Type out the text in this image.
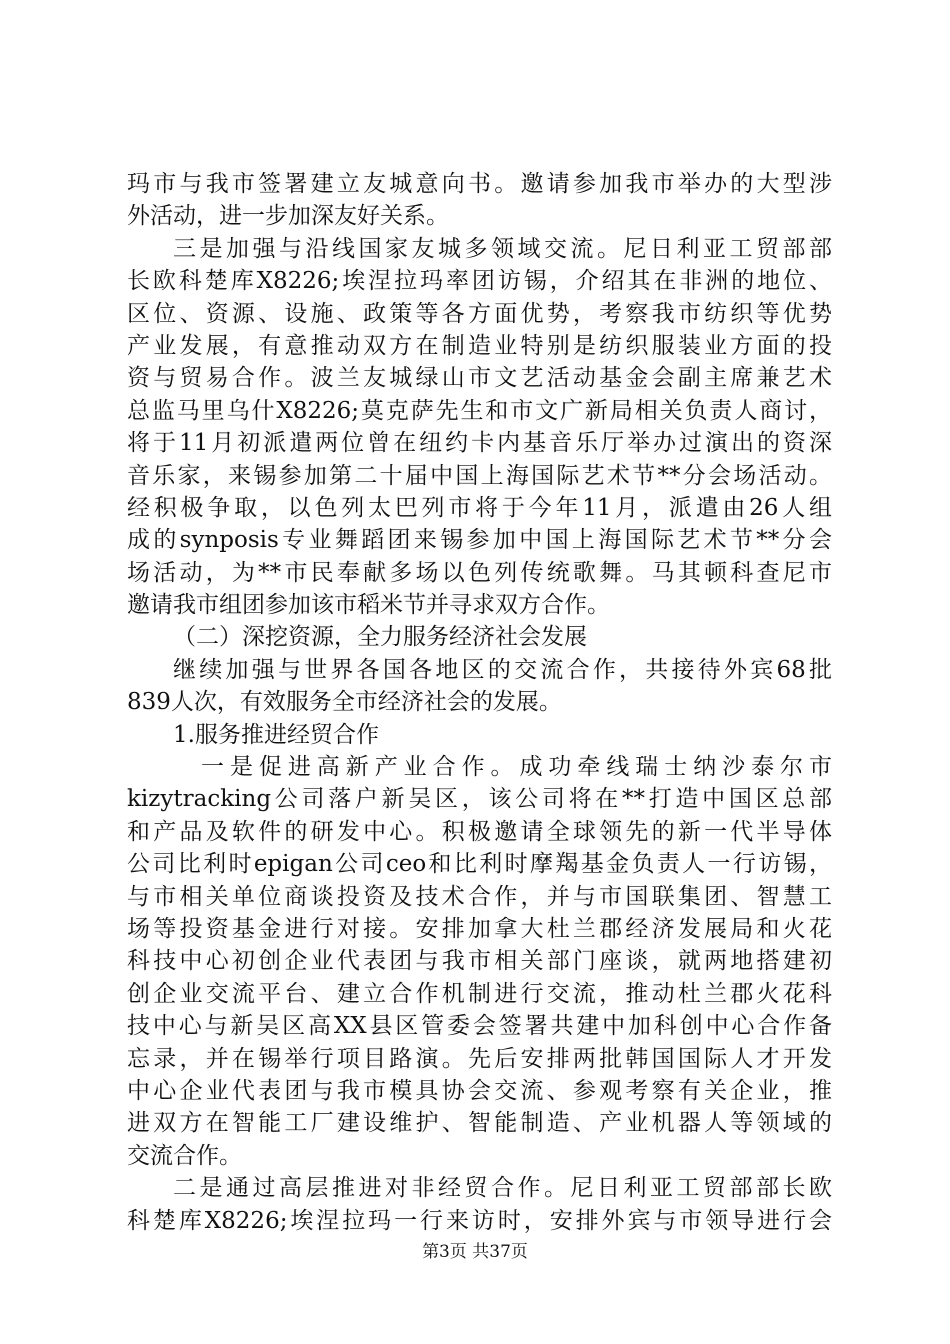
玛市与我市签署建立友城意向书。邀请参加我市举办的大型涉
外活动，进一步加深友好关系。
三是加强与沿线国家友城多领域交流。尼日利亚工贸部部
长欧科楚库X8226;埃涅拉玛率团访锡，介绍其在非洲的地位、
区位、资源、设施、政策等各方面优势，考察我市纺织等优势
产业发展，有意推动双方在制造业特别是纺织服装业方面的投
资与贸易合作。波兰友城绿山市文艺活动基金会副主席兼艺术
总监马里乌什X8226;莫克萨先生和市文广新局相关负责人商讨，
将于11月初派遣两位曾在纽约卡内基音乐厅举办过演出的资深
音乐家，来锡参加第二十届中国上海国际艺术节**分会场活动。
经积极争取，以色列太巴列市将于今年11月，派遣由26人组
成的synposis专业舞蹈团来锡参加中国上海国际艺术节**分会
场活动，为**市民奉献多场以色列传统歌舞。马其顿科查尼市
邀请我市组团参加该市稻米节并寻求双方合作。
（二）深挖资源，全力服务经济社会发展
继续加强与世界各国各地区的交流合作，共接待外宾68批
839人次，有效服务全市经济社会的发展。
1.服务推进经贸合作
一是促进高新产业合作。成功牵线瑞士纳沙泰尔市
kizytracking公司落户新吴区，该公司将在**打造中国区总部
和产品及软件的研发中心。积极邀请全球领先的新一代半导体
公司比利时epigan公司ceo和比利时摩羯基金负责人一行访锡，
与市相关单位商谈投资及技术合作，并与市国联集团、智慧工
场等投资基金进行对接。安排加拿大杜兰郡经济发展局和火花
科技中心初创企业代表团与我市相关部门座谈，就两地搭建初
创企业交流平台、建立合作机制进行交流，推动杜兰郡火花科
技中心与新吴区高XX县区管委会签署共建中加科创中心合作备
忘录，并在锡举行项目路演。先后安排两批韩国国际人才开发
中心企业代表团与我市模具协会交流、参观考察有关企业，推
进双方在智能工厂建设维护、智能制造、产业机器人等领域的
交流合作。
二是通过高层推进对非经贸合作。尼日利亚工贸部部长欧
科楚库X8226;埃涅拉玛一行来访时，安排外宾与市领导进行会
第3页 共37页
